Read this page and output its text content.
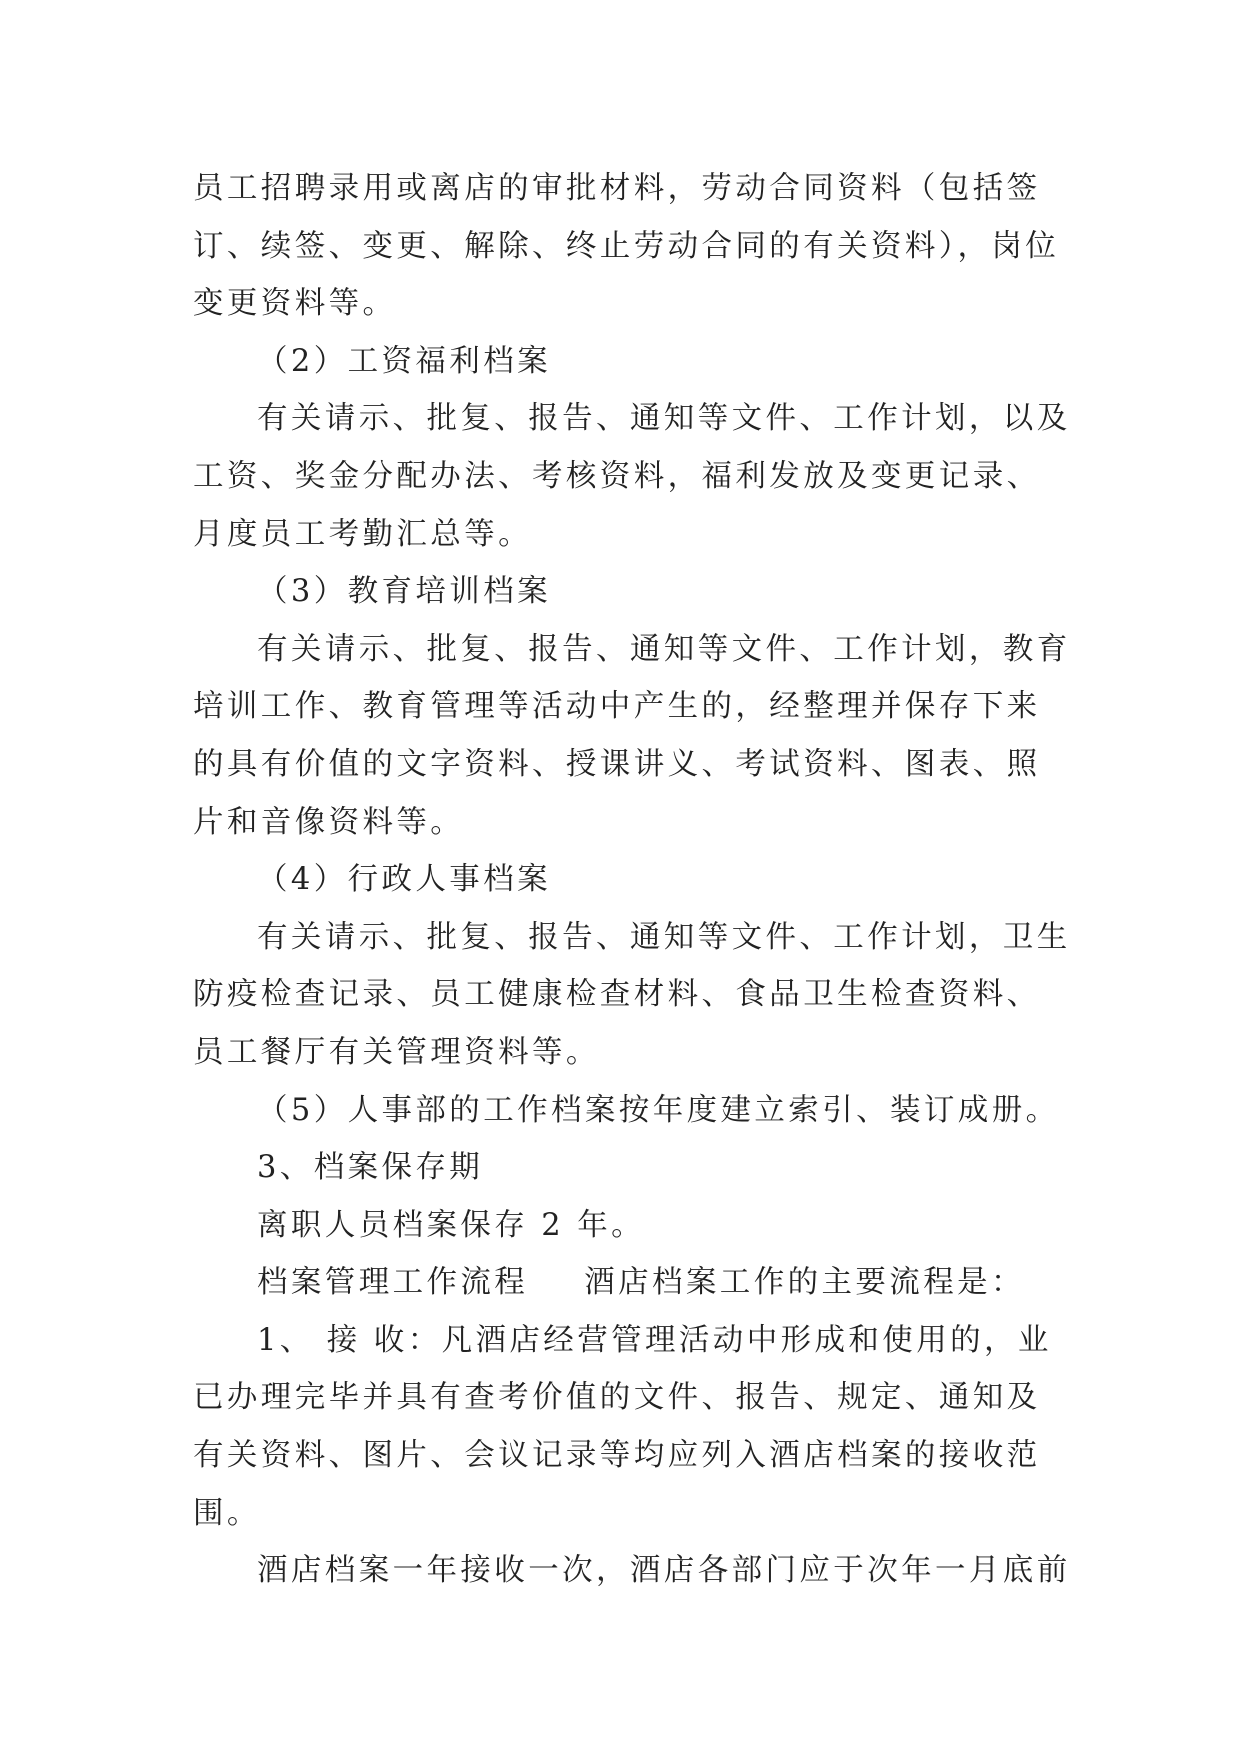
员工招聘录用或离店的审批材料，劳动合同资料（包括签订、续签、变更、解除、终止劳动合同的有关资料），岗位变更资料等。

（2）工资福利档案

有关请示、批复、报告、通知等文件、工作计划，以及工资、奖金分配办法、考核资料，福利发放及变更记录、月度员工考勤汇总等。

（3）教育培训档案

有关请示、批复、报告、通知等文件、工作计划，教育培训工作、教育管理等活动中产生的，经整理并保存下来的具有价值的文字资料、授课讲义、考试资料、图表、照片和音像资料等。

（4）行政人事档案

有关请示、批复、报告、通知等文件、工作计划，卫生防疫检查记录、员工健康检查材料、食品卫生检查资料、员工餐厅有关管理资料等。

（5）人事部的工作档案按年度建立索引、装订成册。

3、档案保存期

离职人员档案保存 2 年。

档案管理工作流程 酒店档案工作的主要流程是：

1、 接 收：凡酒店经营管理活动中形成和使用的，业已办理完毕并具有查考价值的文件、报告、规定、通知及有关资料、图片、会议记录等均应列入酒店档案的接收范围。

酒店档案一年接收一次，酒店各部门应于次年一月底前
